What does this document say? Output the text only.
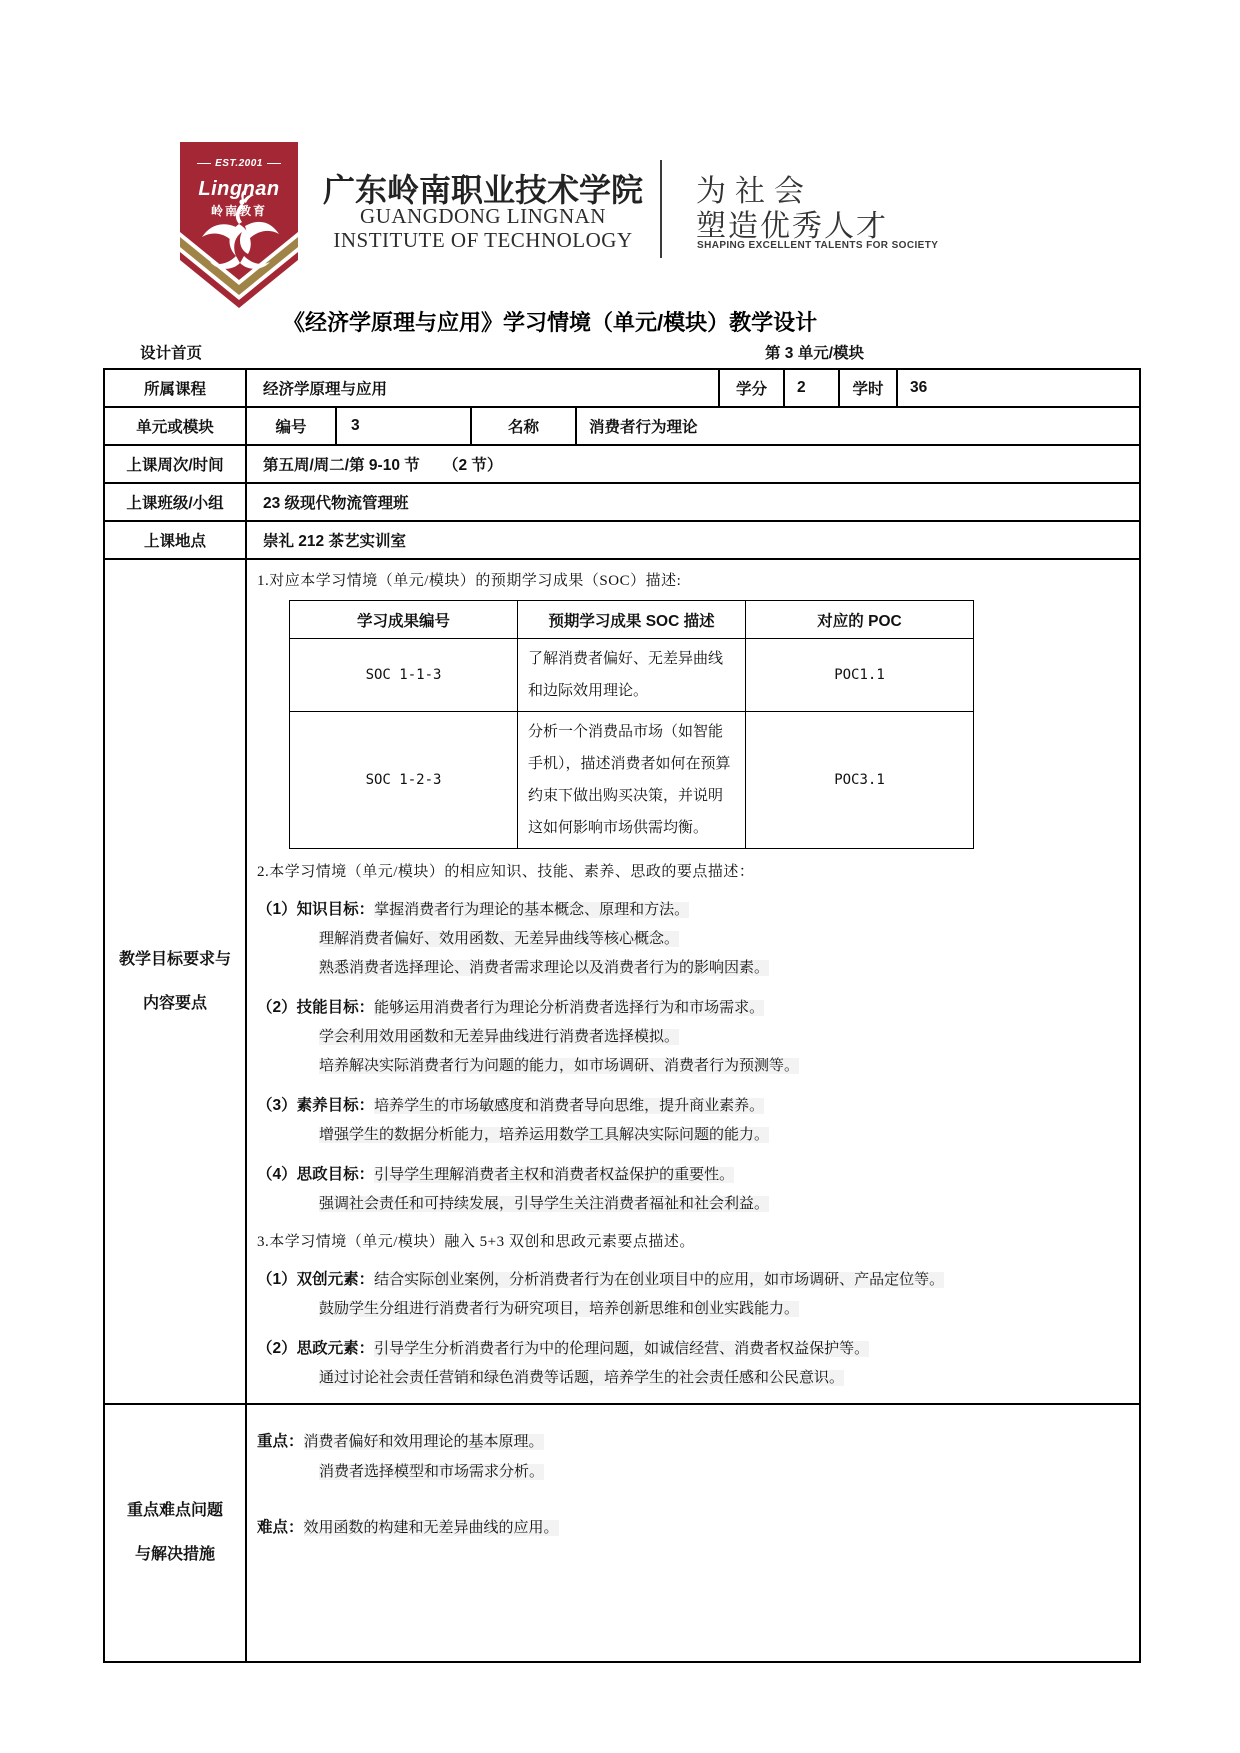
EST.2001
Lingnan
岭南教育
广东岭南职业技术学院
GUANGDONG LINGNAN
INSTITUTE OF TECHNOLOGY
为社会
塑造优秀人才
SHAPING EXCELLENT TALENTS FOR SOCIETY
《经济学原理与应用》学习情境（单元/模块）教学设计
设计首页	第 3 单元/模块
所属课程	经济学原理与应用	学分	2	学时	36
单元或模块	编号	3	名称	消费者行为理论
上课周次/时间	第五周/周二/第 9-10 节　　（2 节）
上课班级/小组	23 级现代物流管理班
上课地点	崇礼 212 茶艺实训室
教学目标要求与
内容要点
1.对应本学习情境（单元/模块）的预期学习成果（SOC）描述:
学习成果编号	预期学习成果 SOC 描述	对应的 POC
SOC 1-1-3	了解消费者偏好、无差异曲线和边际效用理论。	POC1.1
SOC 1-2-3	分析一个消费品市场（如智能手机），描述消费者如何在预算约束下做出购买决策，并说明这如何影响市场供需均衡。	POC3.1
2.本学习情境（单元/模块）的相应知识、技能、素养、思政的要点描述：
（1）知识目标：掌握消费者行为理论的基本概念、原理和方法。
理解消费者偏好、效用函数、无差异曲线等核心概念。
熟悉消费者选择理论、消费者需求理论以及消费者行为的影响因素。
（2）技能目标：能够运用消费者行为理论分析消费者选择行为和市场需求。
学会利用效用函数和无差异曲线进行消费者选择模拟。
培养解决实际消费者行为问题的能力，如市场调研、消费者行为预测等。
（3）素养目标：培养学生的市场敏感度和消费者导向思维，提升商业素养。
增强学生的数据分析能力，培养运用数学工具解决实际问题的能力。
（4）思政目标：引导学生理解消费者主权和消费者权益保护的重要性。
强调社会责任和可持续发展，引导学生关注消费者福祉和社会利益。
3.本学习情境（单元/模块）融入 5+3 双创和思政元素要点描述。
（1）双创元素：结合实际创业案例，分析消费者行为在创业项目中的应用，如市场调研、产品定位等。
鼓励学生分组进行消费者行为研究项目，培养创新思维和创业实践能力。
（2）思政元素：引导学生分析消费者行为中的伦理问题，如诚信经营、消费者权益保护等。
通过讨论社会责任营销和绿色消费等话题，培养学生的社会责任感和公民意识。
重点难点问题
与解决措施
重点：消费者偏好和效用理论的基本原理。
消费者选择模型和市场需求分析。
难点：效用函数的构建和无差异曲线的应用。
